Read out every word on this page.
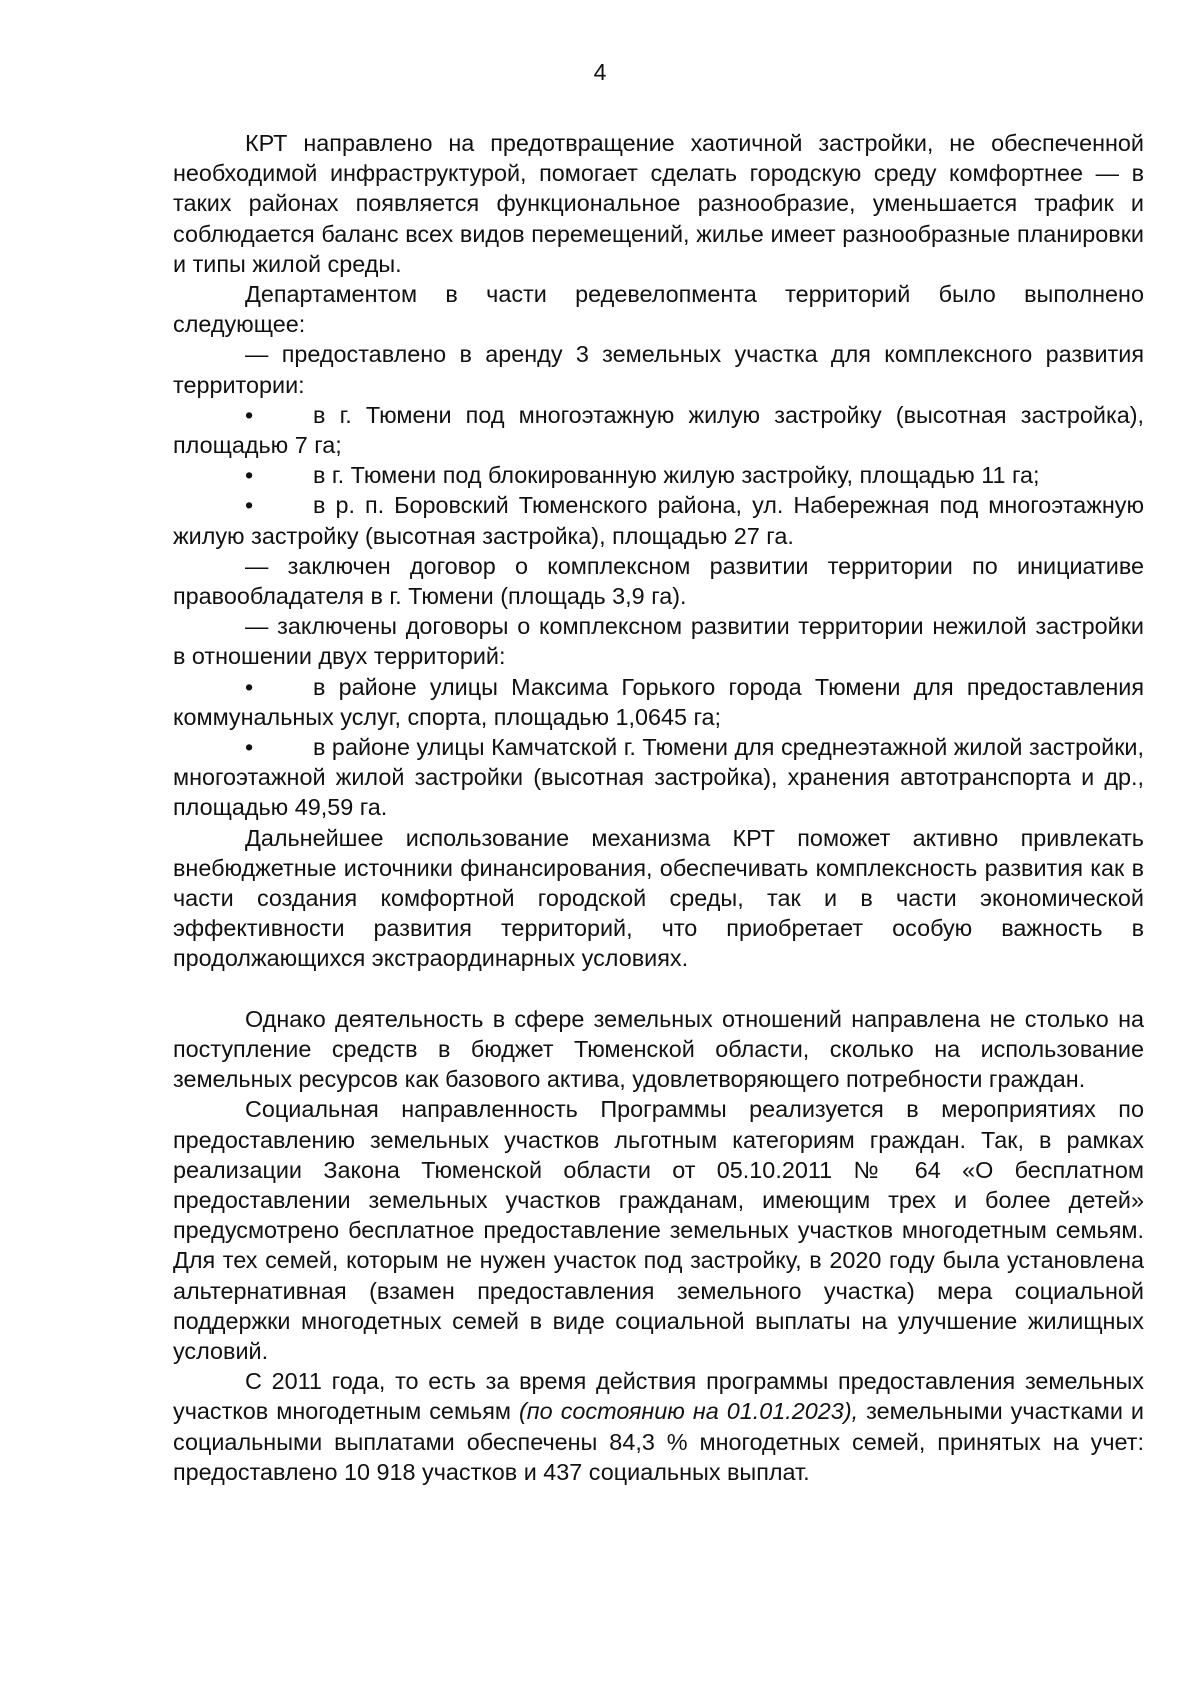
4

КРТ направлено на предотвращение хаотичной застройки, не обеспеченной необходимой инфраструктурой, помогает сделать городскую среду комфортнее — в таких районах появляется функциональное разнообразие, уменьшается трафик и соблюдается баланс всех видов перемещений, жилье имеет разнообразные планировки и типы жилой среды.

Департаментом в части редевелопмента территорий было выполнено следующее:

— предоставлено в аренду 3 земельных участка для комплексного развития территории:

•	в г. Тюмени под многоэтажную жилую застройку (высотная застройка), площадью 7 га;

•	в г. Тюмени под блокированную жилую застройку, площадью 11 га;

•	в р. п. Боровский Тюменского района, ул. Набережная под многоэтажную жилую застройку (высотная застройка), площадью 27 га.

— заключен договор о комплексном развитии территории по инициативе правообладателя в г. Тюмени (площадь 3,9 га).

— заключены договоры о комплексном развитии территории нежилой застройки в отношении двух территорий:

•	в районе улицы Максима Горького города Тюмени для предоставления коммунальных услуг, спорта, площадью 1,0645 га;

•	в районе улицы Камчатской г. Тюмени для среднеэтажной жилой застройки, многоэтажной жилой застройки (высотная застройка), хранения автотранспорта и др., площадью 49,59 га.

Дальнейшее использование механизма КРТ поможет активно привлекать внебюджетные источники финансирования, обеспечивать комплексность развития как в части создания комфортной городской среды, так и в части экономической эффективности развития территорий, что приобретает особую важность в продолжающихся экстраординарных условиях.

Однако деятельность в сфере земельных отношений направлена не столько на поступление средств в бюджет Тюменской области, сколько на использование земельных ресурсов как базового актива, удовлетворяющего потребности граждан.

Социальная направленность Программы реализуется в мероприятиях по предоставлению земельных участков льготным категориям граждан. Так, в рамках реализации Закона Тюменской области от 05.10.2011 № 64 «О бесплатном предоставлении земельных участков гражданам, имеющим трех и более детей» предусмотрено бесплатное предоставление земельных участков многодетным семьям. Для тех семей, которым не нужен участок под застройку, в 2020 году была установлена альтернативная (взамен предоставления земельного участка) мера социальной поддержки многодетных семей в виде социальной выплаты на улучшение жилищных условий.

С 2011 года, то есть за время действия программы предоставления земельных участков многодетным семьям (по состоянию на 01.01.2023), земельными участками и социальными выплатами обеспечены 84,3 % многодетных семей, принятых на учет: предоставлено 10 918 участков и 437 социальных выплат.
